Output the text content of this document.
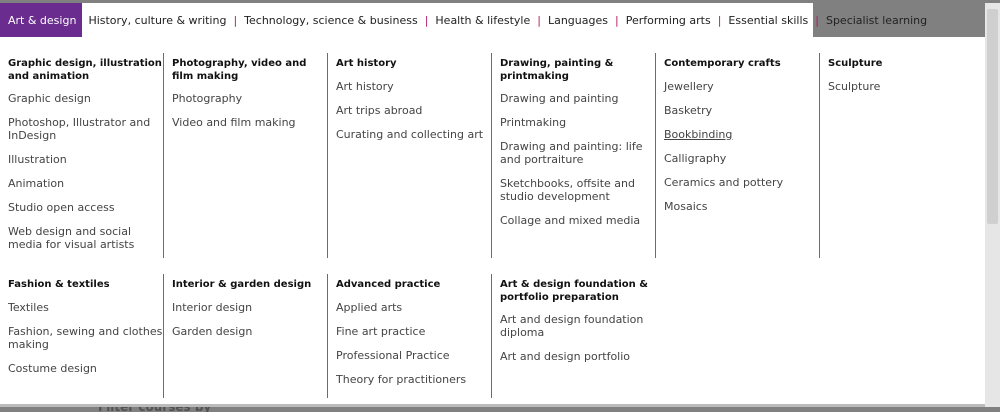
Art & design	History, culture & writing | Technology, science & business | Health & lifestyle | Languages | Performing arts | Essential skills | Specialist learning
Graphic design, illustration and animation
Graphic design
Photoshop, Illustrator and InDesign
Illustration
Animation
Studio open access
Web design and social media for visual artists
Photography, video and film making
Photography
Video and film making
Art history
Art history
Art trips abroad
Curating and collecting art
Drawing, painting & printmaking
Drawing and painting
Printmaking
Drawing and painting: life and portraiture
Sketchbooks, offsite and studio development
Collage and mixed media
Contemporary crafts
Jewellery
Basketry
Bookbinding
Calligraphy
Ceramics and pottery
Mosaics
Sculpture
Sculpture
Fashion & textiles
Textiles
Fashion, sewing and clothes making
Costume design
Interior & garden design
Interior design
Garden design
Advanced practice
Applied arts
Fine art practice
Professional Practice
Theory for practitioners
Art & design foundation & portfolio preparation
Art and design foundation diploma
Art and design portfolio
